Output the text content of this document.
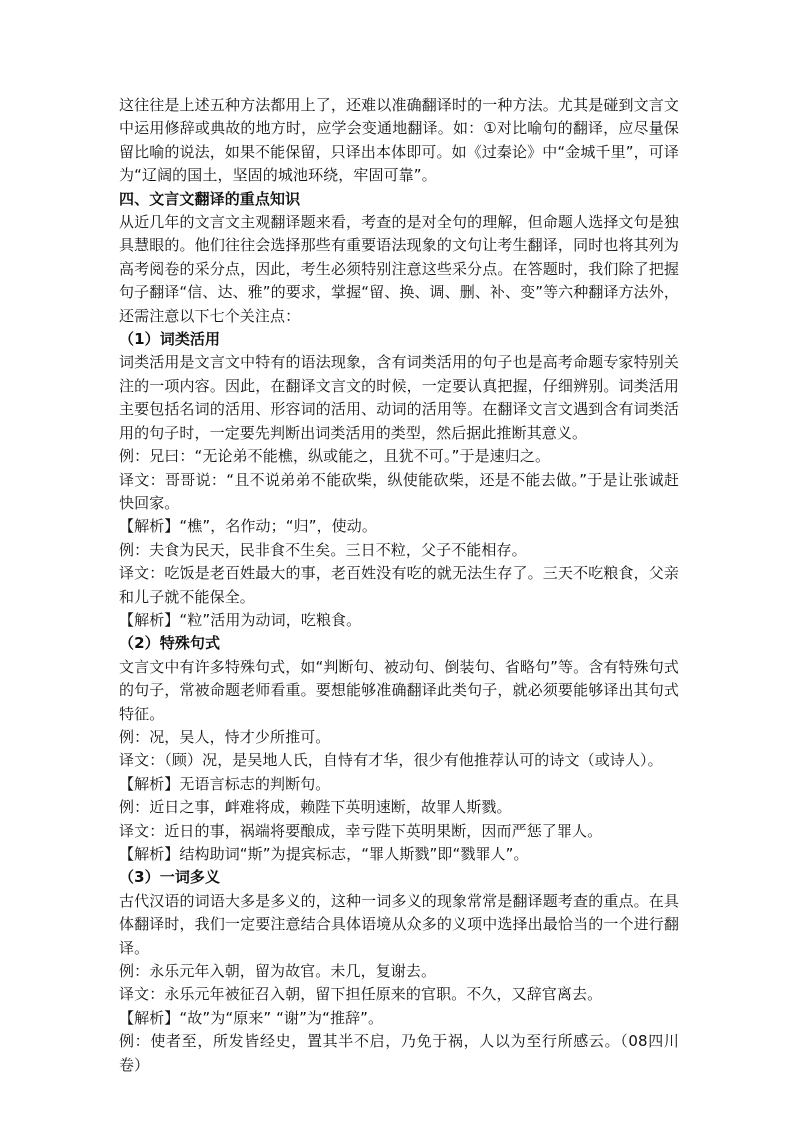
这往往是上述五种方法都用上了，还难以准确翻译时的一种方法。尤其是碰到文言文中运用修辞或典故的地方时，应学会变通地翻译。如：①对比喻句的翻译，应尽量保留比喻的说法，如果不能保留，只译出本体即可。如《过秦论》中“金城千里”，可译为“辽阔的国土，坚固的城池环绕，牢固可靠”。

四、文言文翻译的重点知识

从近几年的文言文主观翻译题来看，考查的是对全句的理解，但命题人选择文句是独具慧眼的。他们往往会选择那些有重要语法现象的文句让考生翻译，同时也将其列为高考阅卷的采分点，因此，考生必须特别注意这些采分点。在答题时，我们除了把握句子翻译“信、达、雅”的要求，掌握“留、换、调、删、补、变”等六种翻译方法外，还需注意以下七个关注点：

（1）词类活用

词类活用是文言文中特有的语法现象，含有词类活用的句子也是高考命题专家特别关注的一项内容。因此，在翻译文言文的时候，一定要认真把握，仔细辨别。词类活用主要包括名词的活用、形容词的活用、动词的活用等。在翻译文言文遇到含有词类活用的句子时，一定要先判断出词类活用的类型，然后据此推断其意义。

例：兄曰：“无论弟不能樵，纵或能之，且犹不可。”于是速归之。

译文：哥哥说：“且不说弟弟不能砍柴，纵使能砍柴，还是不能去做。”于是让张诚赶快回家。

【解析】“樵”，名作动；“归”，使动。

例：夫食为民天，民非食不生矣。三日不粒，父子不能相存。

译文：吃饭是老百姓最大的事，老百姓没有吃的就无法生存了。三天不吃粮食，父亲和儿子就不能保全。

【解析】“粒”活用为动词，吃粮食。

（2）特殊句式

文言文中有许多特殊句式，如“判断句、被动句、倒装句、省略句”等。含有特殊句式的句子，常被命题老师看重。要想能够准确翻译此类句子，就必须要能够译出其句式特征。

例：况，吴人，恃才少所推可。

译文：（顾）况，是吴地人氏，自恃有才华，很少有他推荐认可的诗文（或诗人）。

【解析】无语言标志的判断句。

例：近日之事，衅难将成，赖陛下英明速断，故罪人斯戮。

译文：近日的事，祸端将要酿成，幸亏陛下英明果断，因而严惩了罪人。

【解析】结构助词“斯”为提宾标志，“罪人斯戮”即“戮罪人”。

（3）一词多义

古代汉语的词语大多是多义的，这种一词多义的现象常常是翻译题考查的重点。在具体翻译时，我们一定要注意结合具体语境从众多的义项中选择出最恰当的一个进行翻译。

例：永乐元年入朝，留为故官。未几，复谢去。

译文：永乐元年被征召入朝，留下担任原来的官职。不久，又辞官离去。

【解析】“故”为“原来” “谢”为“推辞”。

例：使者至，所发皆经史，置其半不启，乃免于祸，人以为至行所感云。（08四川卷）
